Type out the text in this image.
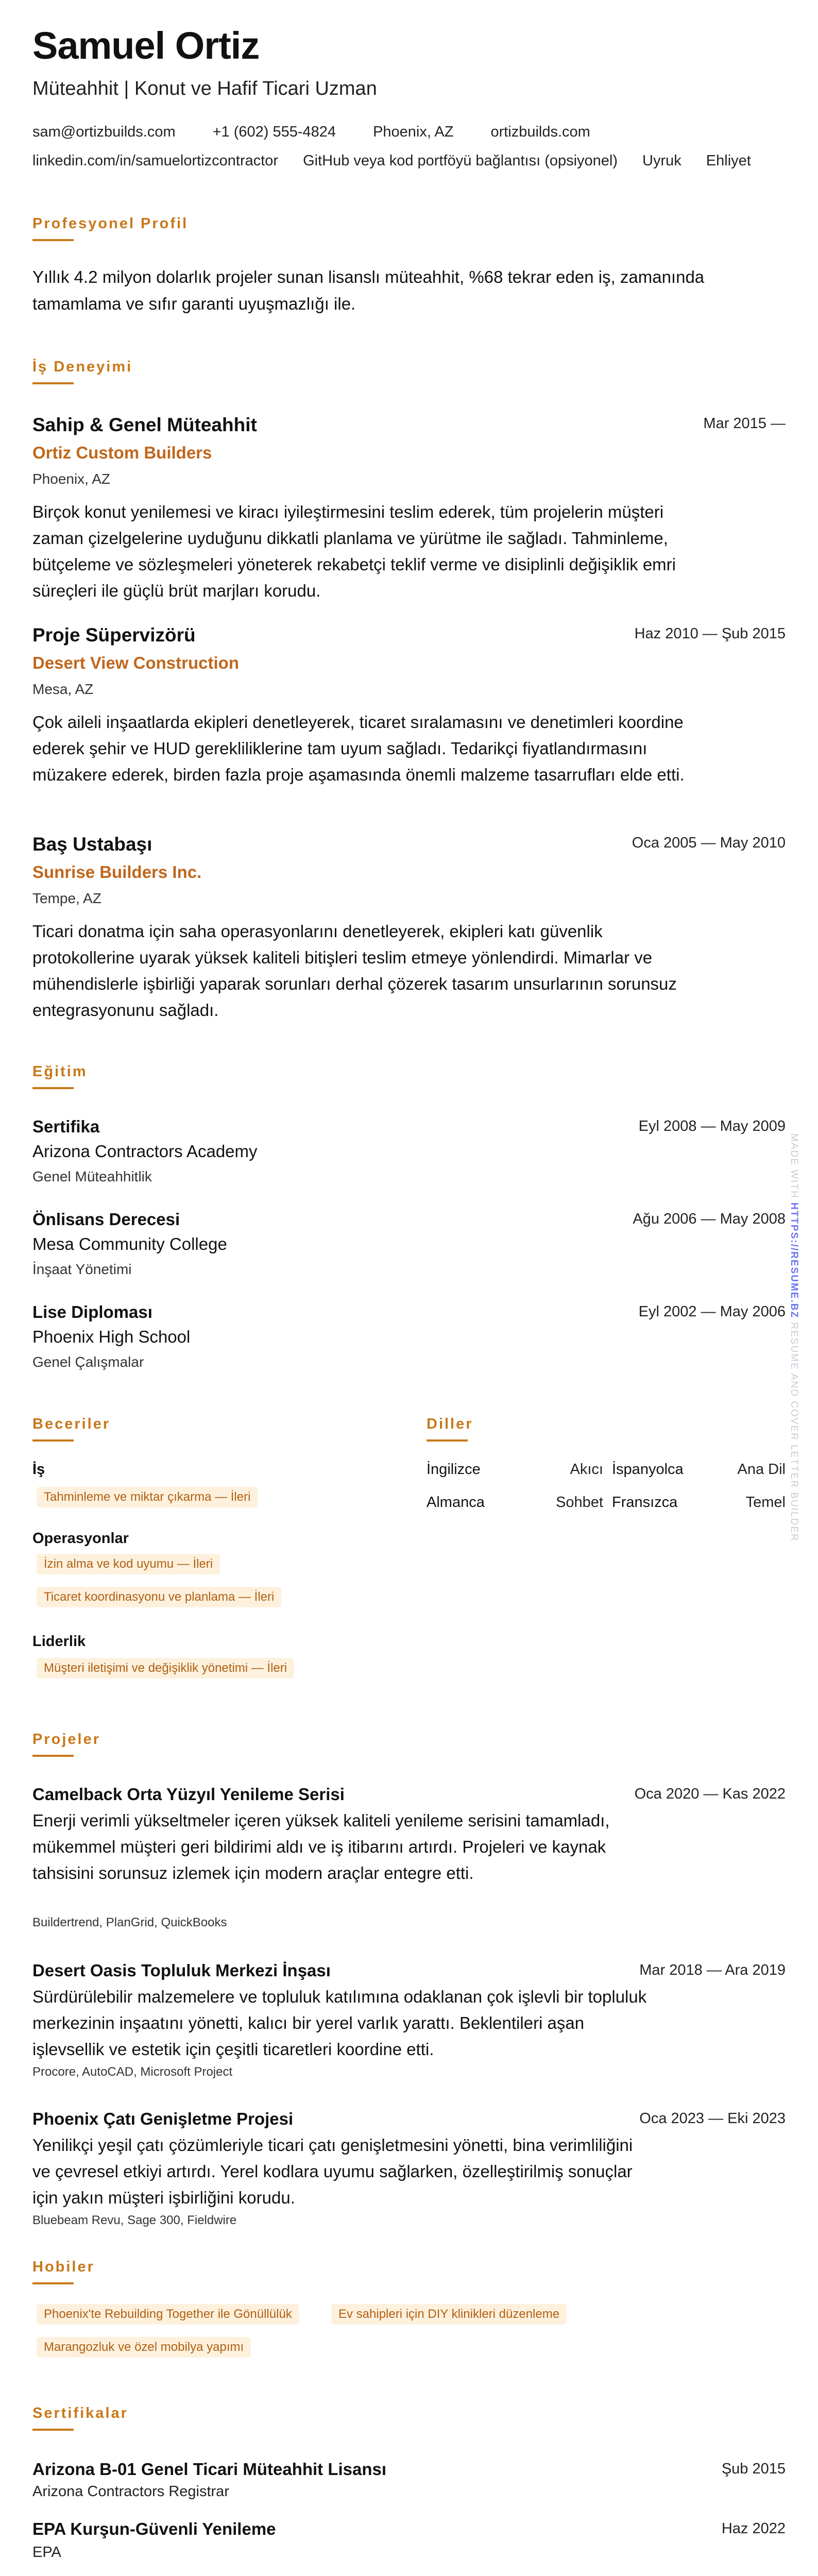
Samuel Ortiz
Müteahhit | Konut ve Hafif Ticari Uzman
sam@ortizbuilds.com +1 (602) 555-4824 Phoenix, AZ ortizbuilds.com
linkedin.com/in/samuelortizcontractor GitHub veya kod portföyü bağlantısı (opsiyonel) Uyruk Ehliyet
Profesyonel Profil
Yıllık 4.2 milyon dolarlık projeler sunan lisanslı müteahhit, %68 tekrar eden iş, zamanında tamamlama ve sıfır garanti uyuşmazlığı ile.
İş Deneyimi
Sahip & Genel Müteahhit	Mar 2015 —
Ortiz Custom Builders
Phoenix, AZ
Birçok konut yenilemesi ve kiracı iyileştirmesini teslim ederek, tüm projelerin müşteri zaman çizelgelerine uyduğunu dikkatli planlama ve yürütme ile sağladı. Tahminleme, bütçeleme ve sözleşmeleri yöneterek rekabetçi teklif verme ve disiplinli değişiklik emri süreçleri ile güçlü brüt marjları korudu.
Proje Süpervizörü	Haz 2010 — Şub 2015
Desert View Construction
Mesa, AZ
Çok aileli inşaatlarda ekipleri denetleyerek, ticaret sıralamasını ve denetimleri koordine ederek şehir ve HUD gerekliliklerine tam uyum sağladı. Tedarikçi fiyatlandırmasını müzakere ederek, birden fazla proje aşamasında önemli malzeme tasarrufları elde etti.
Baş Ustabaşı	Oca 2005 — May 2010
Sunrise Builders Inc.
Tempe, AZ
Ticari donatma için saha operasyonlarını denetleyerek, ekipleri katı güvenlik protokollerine uyarak yüksek kaliteli bitişleri teslim etmeye yönlendirdi. Mimarlar ve mühendislerle işbirliği yaparak sorunları derhal çözerek tasarım unsurlarının sorunsuz entegrasyonunu sağladı.
Eğitim
Sertifika	Eyl 2008 — May 2009
Arizona Contractors Academy
Genel Müteahhitlik
Önlisans Derecesi	Ağu 2006 — May 2008
Mesa Community College
İnşaat Yönetimi
Lise Diploması	Eyl 2002 — May 2006
Phoenix High School
Genel Çalışmalar
Beceriler
İş
Tahminleme ve miktar çıkarma — İleri
Operasyonlar
İzin alma ve kod uyumu — İleri
Ticaret koordinasyonu ve planlama — İleri
Liderlik
Müşteri iletişimi ve değişiklik yönetimi — İleri
Diller
İngilizce	Akıcı İspanyolca	Ana Dil
Almanca	Sohbet Fransızca	Temel
Projeler
Camelback Orta Yüzyıl Yenileme Serisi	Oca 2020 — Kas 2022
Enerji verimli yükseltmeler içeren yüksek kaliteli yenileme serisini tamamladı, mükemmel müşteri geri bildirimi aldı ve iş itibarını artırdı. Projeleri ve kaynak tahsisini sorunsuz izlemek için modern araçlar entegre etti.
Buildertrend, PlanGrid, QuickBooks
Desert Oasis Topluluk Merkezi İnşası	Mar 2018 — Ara 2019
Sürdürülebilir malzemelere ve topluluk katılımına odaklanan çok işlevli bir topluluk merkezinin inşaatını yönetti, kalıcı bir yerel varlık yarattı. Beklentileri aşan işlevsellik ve estetik için çeşitli ticaretleri koordine etti.
Procore, AutoCAD, Microsoft Project
Phoenix Çatı Genişletme Projesi	Oca 2023 — Eki 2023
Yenilikçi yeşil çatı çözümleriyle ticari çatı genişletmesini yönetti, bina verimliliğini ve çevresel etkiyi artırdı. Yerel kodlara uyumu sağlarken, özelleştirilmiş sonuçlar için yakın müşteri işbirliğini korudu.
Bluebeam Revu, Sage 300, Fieldwire
Hobiler
Phoenix'te Rebuilding Together ile Gönüllülük	Ev sahipleri için DIY klinikleri düzenleme
Marangozluk ve özel mobilya yapımı
Sertifikalar
Arizona B-01 Genel Ticari Müteahhit Lisansı	Şub 2015
Arizona Contractors Registrar
EPA Kurşun-Güvenli Yenileme	Haz 2022
EPA
MADE WITH HTTPS://RESUME.BZ RESUME AND COVER LETTER BUILDER
